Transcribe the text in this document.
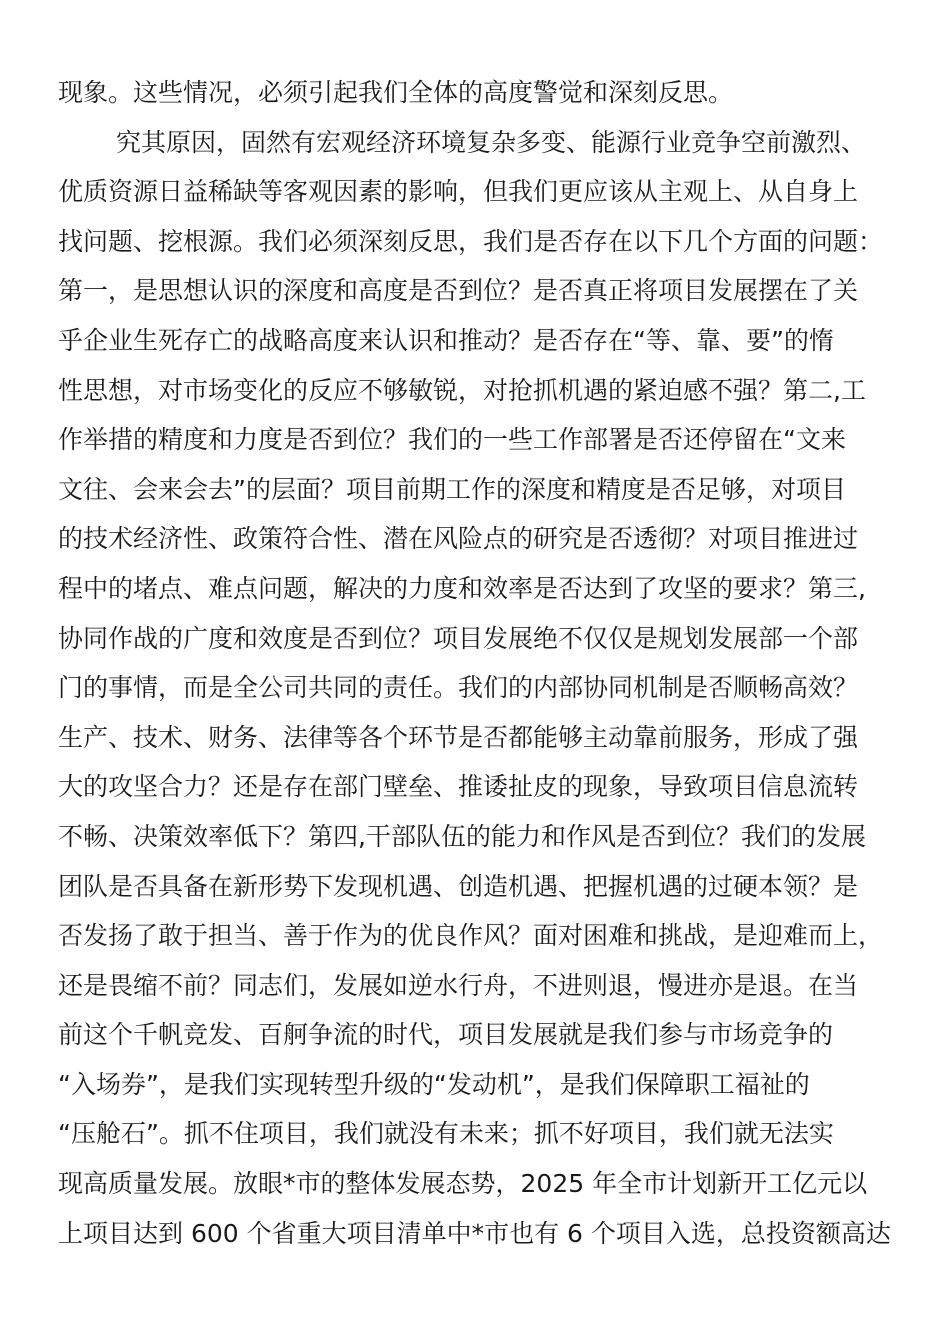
现象。这些情况，必须引起我们全体的高度警觉和深刻反思。
究其原因，固然有宏观经济环境复杂多变、能源行业竞争空前激烈、
优质资源日益稀缺等客观因素的影响，但我们更应该从主观上、从自身上
找问题、挖根源。我们必须深刻反思，我们是否存在以下几个方面的问题：
第一，是思想认识的深度和高度是否到位？是否真正将项目发展摆在了关
乎企业生死存亡的战略高度来认识和推动？是否存在“等、靠、要”的惰
性思想，对市场变化的反应不够敏锐，对抢抓机遇的紧迫感不强？第二,工
作举措的精度和力度是否到位？我们的一些工作部署是否还停留在“文来
文往、会来会去”的层面？项目前期工作的深度和精度是否足够，对项目
的技术经济性、政策符合性、潜在风险点的研究是否透彻？对项目推进过
程中的堵点、难点问题，解决的力度和效率是否达到了攻坚的要求？第三,
协同作战的广度和效度是否到位？项目发展绝不仅仅是规划发展部一个部
门的事情，而是全公司共同的责任。我们的内部协同机制是否顺畅高效？
生产、技术、财务、法律等各个环节是否都能够主动靠前服务，形成了强
大的攻坚合力？还是存在部门壁垒、推诿扯皮的现象，导致项目信息流转
不畅、决策效率低下？第四,干部队伍的能力和作风是否到位？我们的发展
团队是否具备在新形势下发现机遇、创造机遇、把握机遇的过硬本领？是
否发扬了敢于担当、善于作为的优良作风？面对困难和挑战，是迎难而上，
还是畏缩不前？同志们，发展如逆水行舟，不进则退，慢进亦是退。在当
前这个千帆竞发、百舸争流的时代，项目发展就是我们参与市场竞争的
“入场券”，是我们实现转型升级的“发动机”，是我们保障职工福祉的
“压舱石”。抓不住项目，我们就没有未来；抓不好项目，我们就无法实
现高质量发展。放眼*市的整体发展态势，2025 年全市计划新开工亿元以
上项目达到 600 个省重大项目清单中*市也有 6 个项目入选，总投资额高达
